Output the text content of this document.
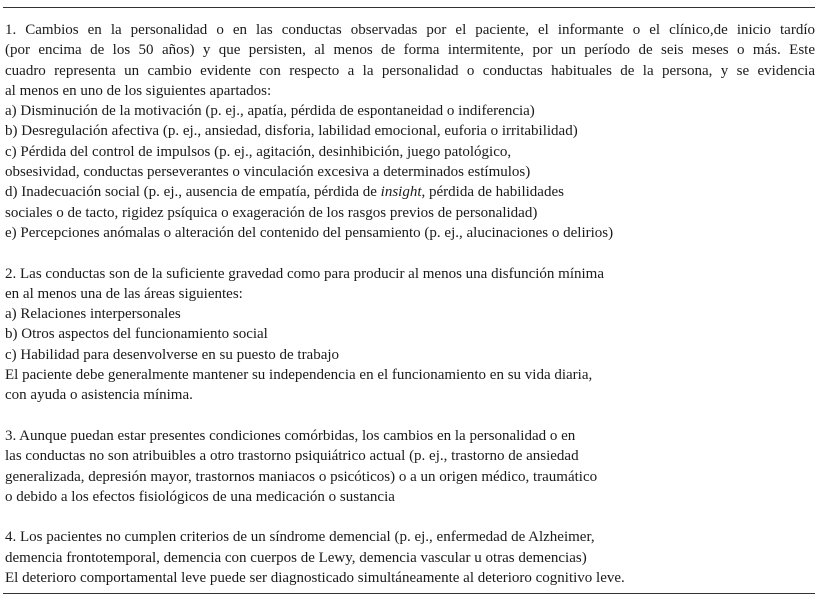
1. Cambios en la personalidad o en las conductas observadas por el paciente, el informante o el clínico,de inicio tardío
(por encima de los 50 años) y que persisten, al menos de forma intermitente, por un período de seis meses o más. Este
cuadro representa un cambio evidente con respecto a la personalidad o conductas habituales de la persona, y se evidencia
al menos en uno de los siguientes apartados:
a) Disminución de la motivación (p. ej., apatía, pérdida de espontaneidad o indiferencia)
b) Desregulación afectiva (p. ej., ansiedad, disforia, labilidad emocional, euforia o irritabilidad)
c) Pérdida del control de impulsos (p. ej., agitación, desinhibición, juego patológico,
obsesividad, conductas perseverantes o vinculación excesiva a determinados estímulos)
d) Inadecuación social (p. ej., ausencia de empatía, pérdida de insight, pérdida de habilidades
sociales o de tacto, rigidez psíquica o exageración de los rasgos previos de personalidad)
e) Percepciones anómalas o alteración del contenido del pensamiento (p. ej., alucinaciones o delirios)
2. Las conductas son de la suficiente gravedad como para producir al menos una disfunción mínima
en al menos una de las áreas siguientes:
a) Relaciones interpersonales
b) Otros aspectos del funcionamiento social
c) Habilidad para desenvolverse en su puesto de trabajo
El paciente debe generalmente mantener su independencia en el funcionamiento en su vida diaria,
con ayuda o asistencia mínima.
3. Aunque puedan estar presentes condiciones comórbidas, los cambios en la personalidad o en
las conductas no son atribuibles a otro trastorno psiquiátrico actual (p. ej., trastorno de ansiedad
generalizada, depresión mayor, trastornos maniacos o psicóticos) o a un origen médico, traumático
o debido a los efectos fisiológicos de una medicación o sustancia
4. Los pacientes no cumplen criterios de un síndrome demencial (p. ej., enfermedad de Alzheimer,
demencia frontotemporal, demencia con cuerpos de Lewy, demencia vascular u otras demencias)
El deterioro comportamental leve puede ser diagnosticado simultáneamente al deterioro cognitivo leve.
